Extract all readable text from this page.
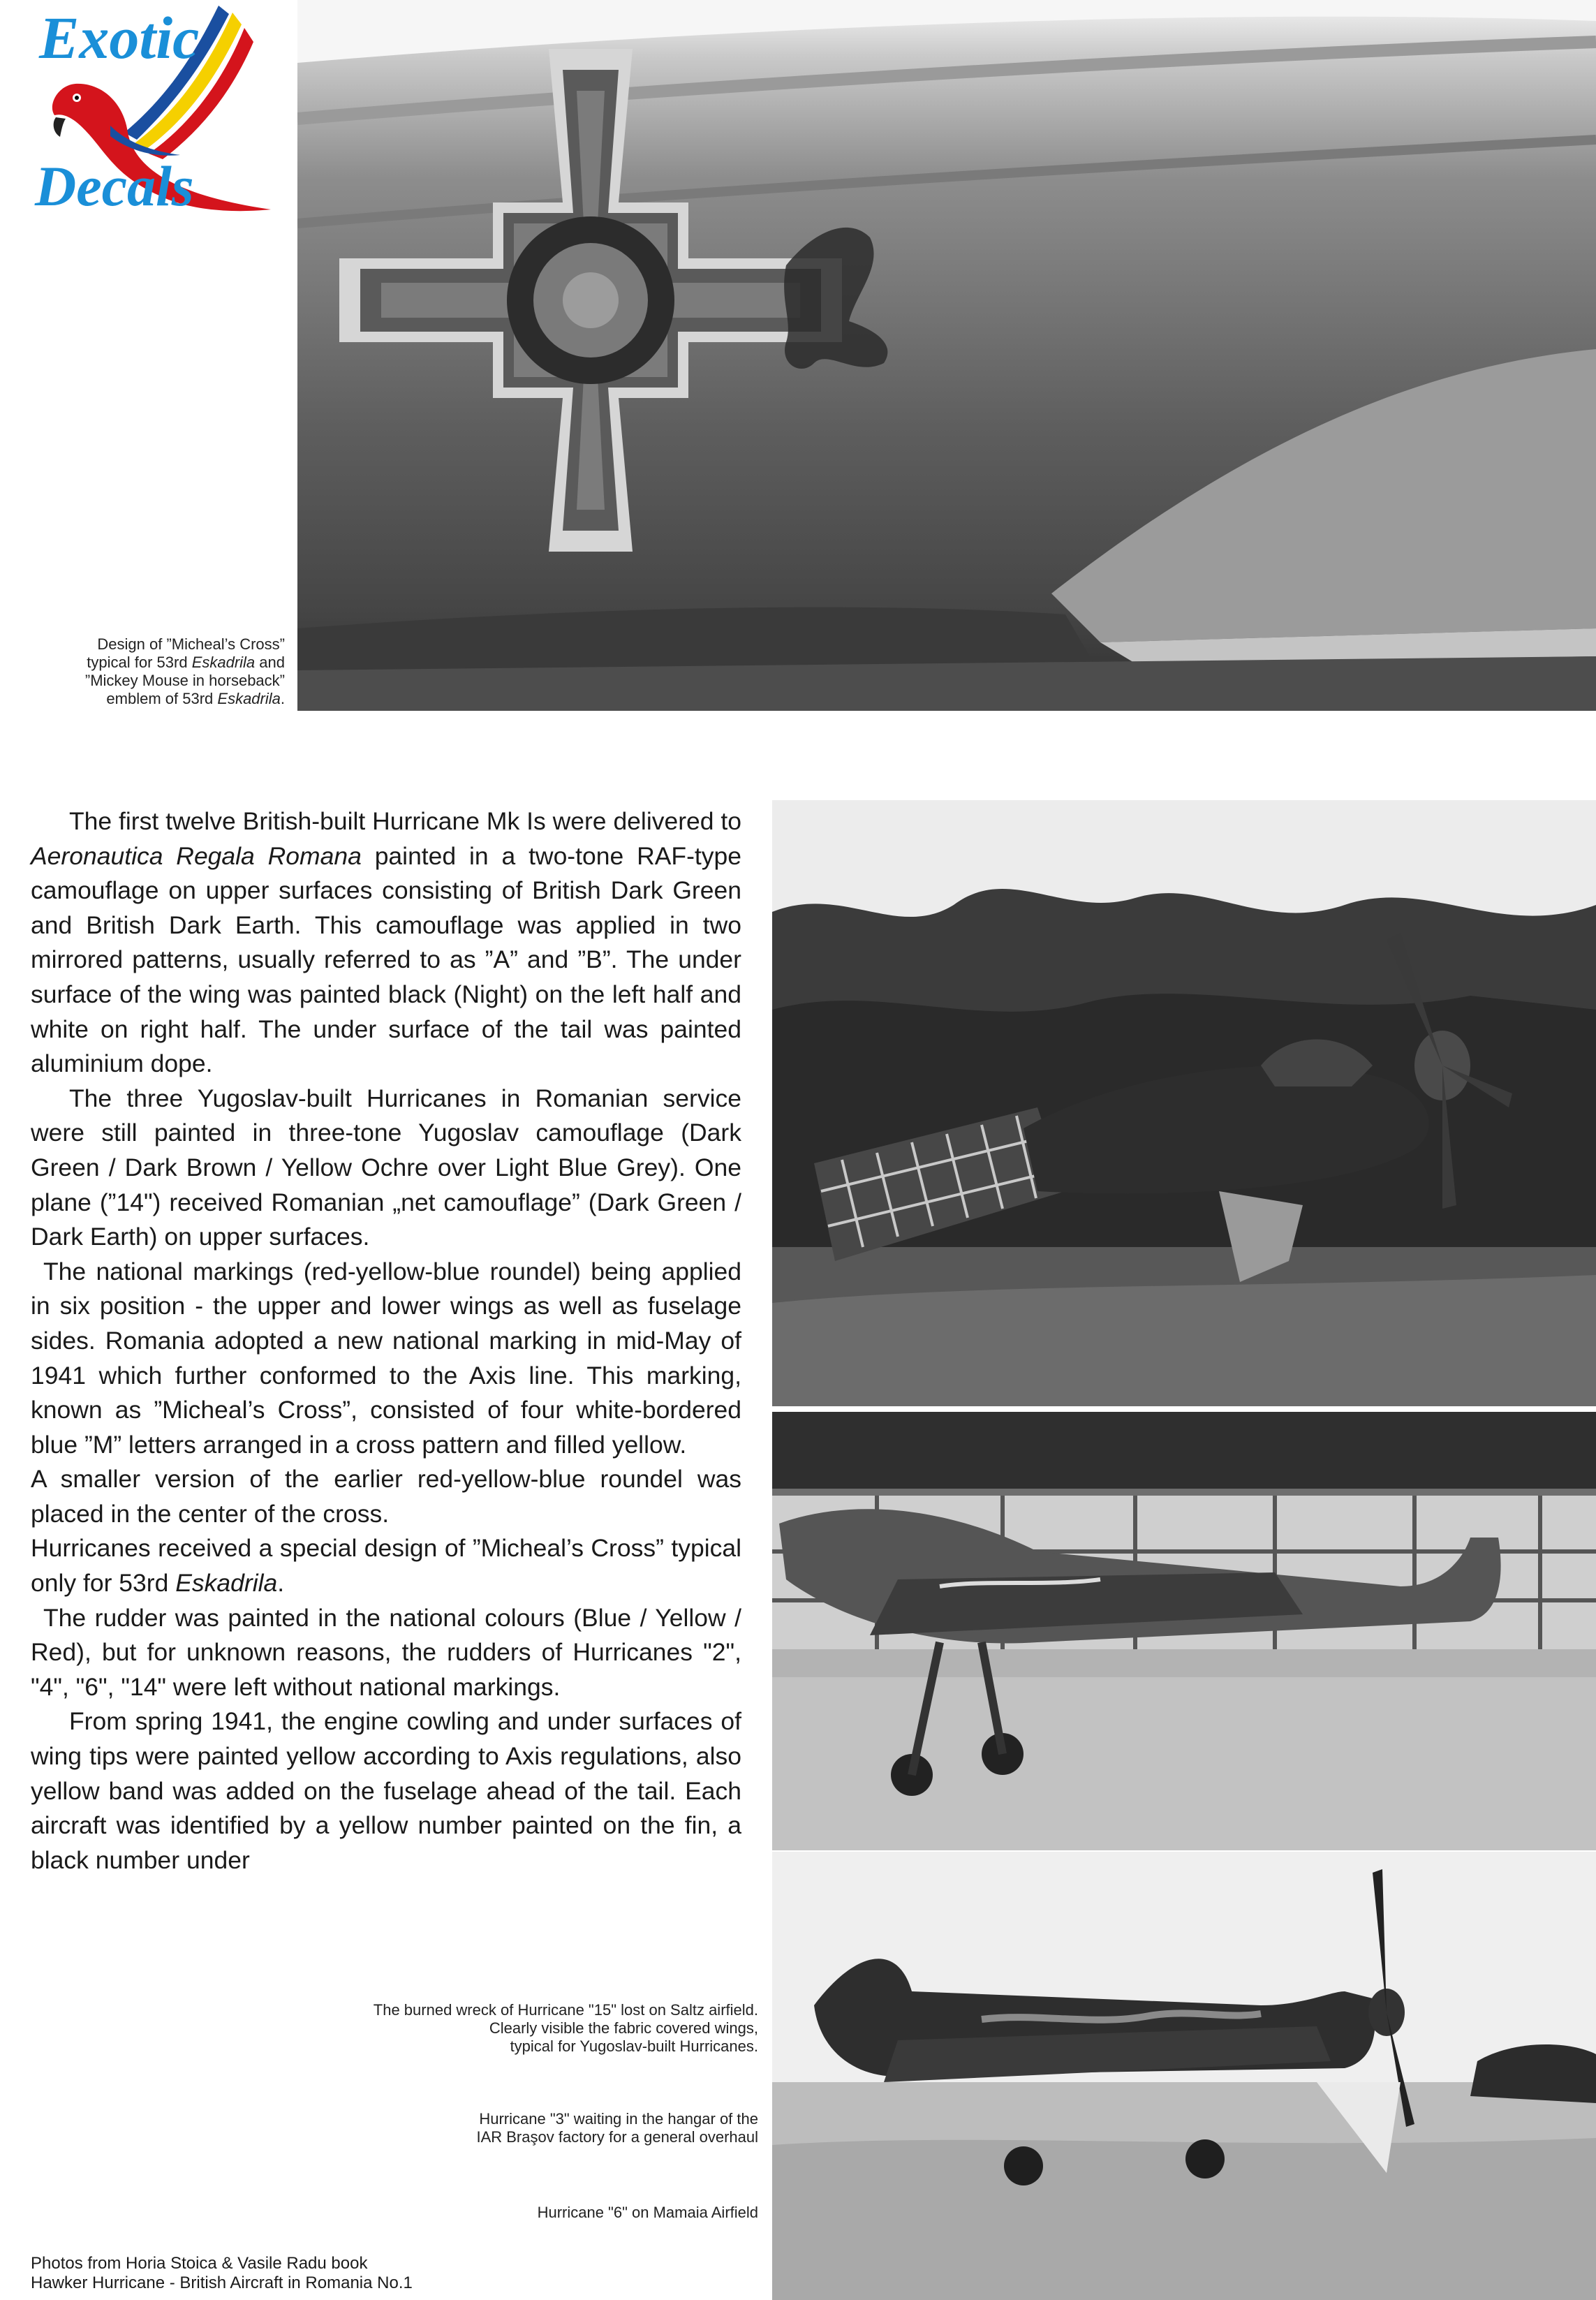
Exotic
Decals

Design of ”Micheal’s Cross”

typical for 53rd Eskadrila and

”Mickey Mouse in horseback”

emblem of 53rd Eskadrila.

The first twelve British-built Hurricane Mk Is were delivered to Aeronautica Regala Romana painted in a two-tone RAF-type camouflage on upper surfaces consisting of British Dark Green and British Dark Earth. This camouflage was applied in two mirrored patterns, usually referred to as ”A” and ”B”. The under surface of the wing was painted black (Night) on the left half and white on right half. The under surface of the tail was painted aluminium dope.

The three Yugoslav-built Hurricanes in Romanian service were still painted in three-tone Yugoslav camouflage (Dark Green / Dark Brown / Yellow Ochre over Light Blue Grey). One plane (”14") received Romanian „net camouflage” (Dark Green / Dark Earth) on upper surfaces.

The national markings (red-yellow-blue roundel) being applied in six position - the upper and lower wings as well as fuselage sides. Romania adopted a new national marking in mid-May of 1941 which further conformed to the Axis line. This marking, known as ”Micheal’s Cross”, consisted of four white-bordered blue ”M” letters arranged in a cross pattern and filled yellow.

A smaller version of the earlier red-yellow-blue roundel was placed in the center of the cross.

Hurricanes received a special design of ”Micheal’s Cross” typical only for 53rd Eskadrila.

The rudder was painted in the national colours (Blue / Yellow / Red), but for unknown reasons, the rudders of Hurricanes "2", "4", "6", "14" were left without national markings.

From spring 1941, the engine cowling and under surfaces of wing tips were painted yellow according to Axis regulations, also yellow band was added on the fuselage ahead of the tail. Each aircraft was identified by a yellow number painted on the fin, a black number under

The burned wreck of Hurricane "15" lost on Saltz airfield.

Clearly visible the fabric covered wings,

typical for Yugoslav-built Hurricanes.

Hurricane "3" waiting in the hangar of the

IAR Braşov factory for a general overhaul

Hurricane "6" on Mamaia Airfield

Photos from Horia Stoica & Vasile Radu book

Hawker Hurricane - British Aircraft in Romania No.1
